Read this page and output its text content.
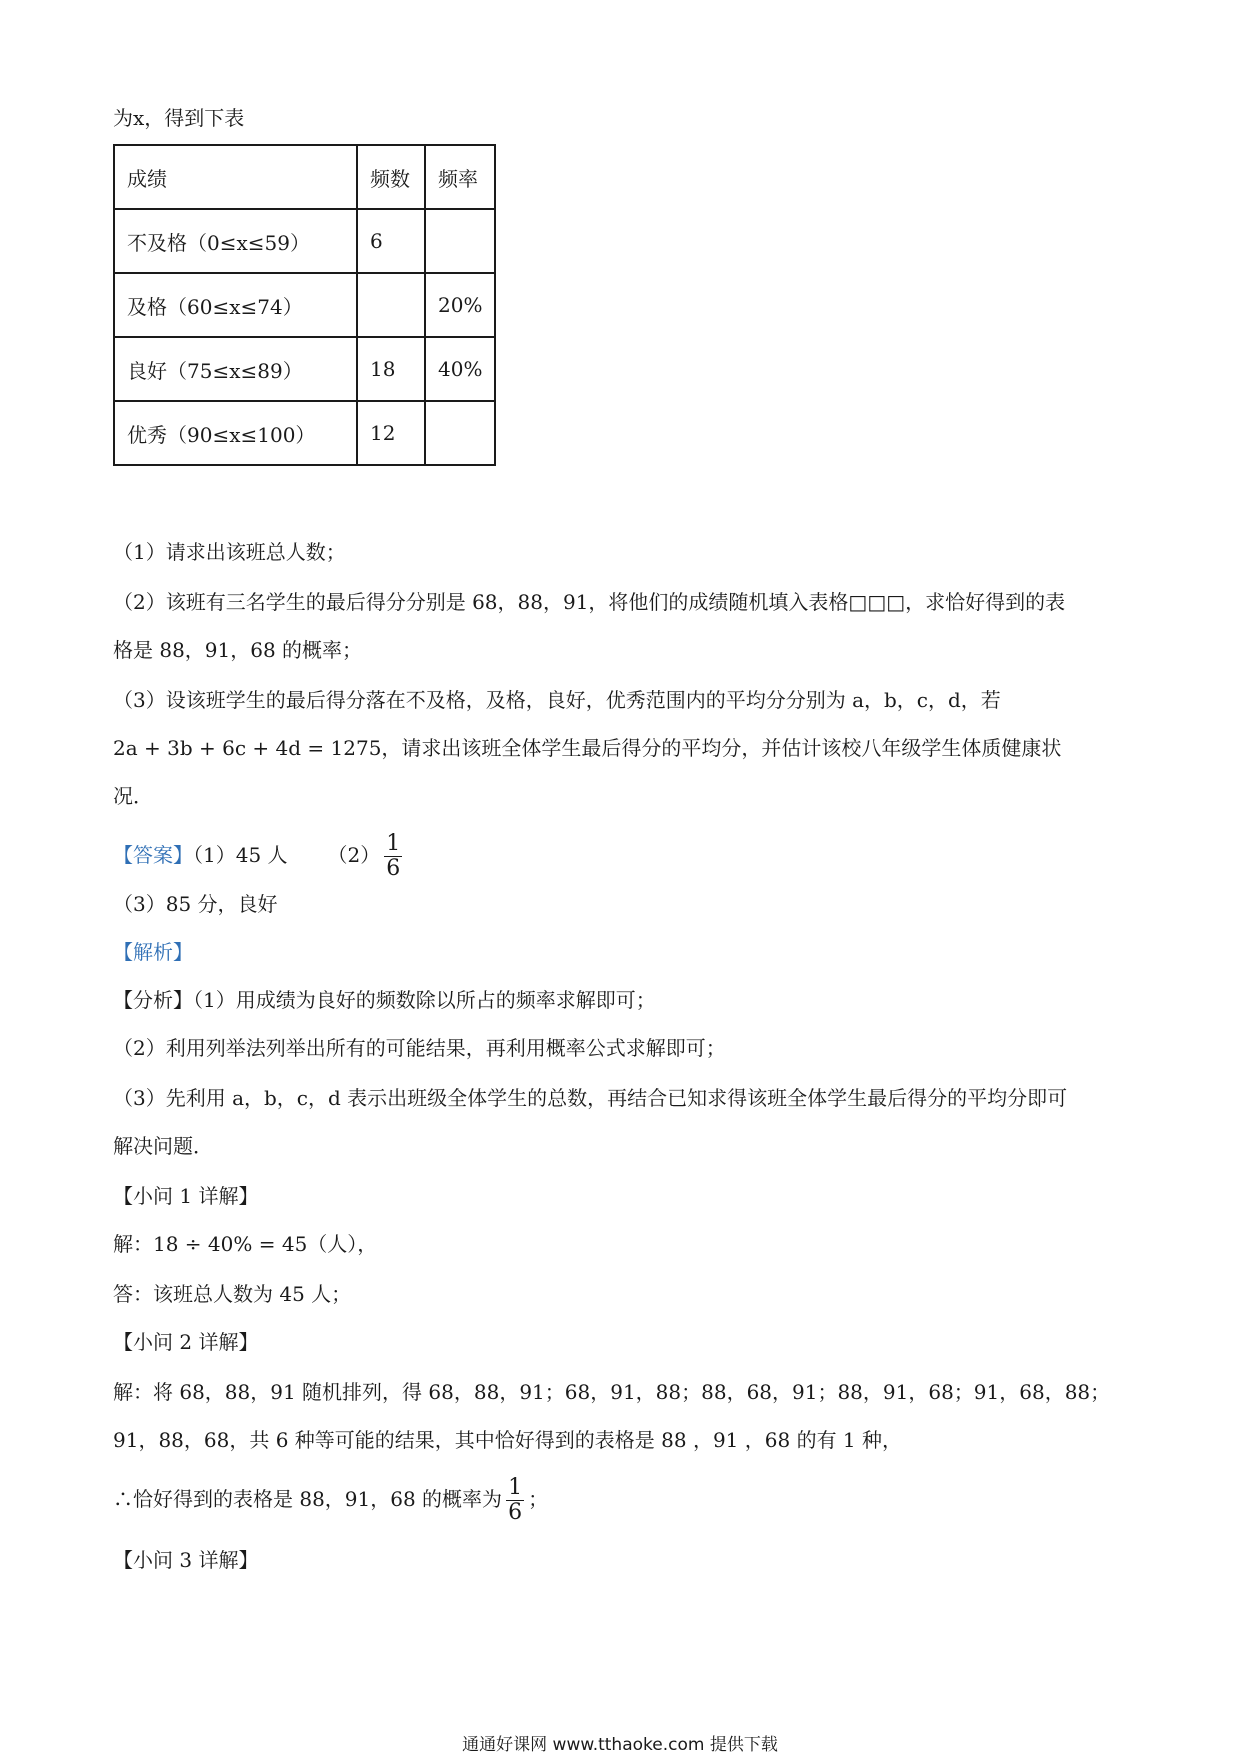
为x，得到下表
成绩	频数	频率
不及格（0≤x≤59）	6	
及格（60≤x≤74）		20%
良好（75≤x≤89）	18	40%
优秀（90≤x≤100）	12	
（1）请求出该班总人数；
（2）该班有三名学生的最后得分分别是 68，88，91，将他们的成绩随机填入表格□□□，求恰好得到的表
格是 88，91，68 的概率；
（3）设该班学生的最后得分落在不及格，及格，良好，优秀范围内的平均分分别为 a，b，c，d，若
2a + 3b + 6c + 4d = 1275，请求出该班全体学生最后得分的平均分，并估计该校八年级学生体质健康状
况．
【答案】（1）45 人 $(2) \frac{1}{6}$
（3）85 分，良好
【解析】
【分析】（1）用成绩为良好的频数除以所占的频率求解即可；
（2）利用列举法列举出所有的可能结果，再利用概率公式求解即可；
（3）先利用 a，b，c，d 表示出班级全体学生的总数，再结合已知求得该班全体学生最后得分的平均分即可
解决问题．
【小问 1 详解】
解：18 ÷ 40% = 45（人），
答：该班总人数为 45 人；
【小问 2 详解】
解：将 68，88，91 随机排列，得 68，88，91；68，91，88；88，68，91；88，91，68；91，68，88；
91，88，68，共 6 种等可能的结果，其中恰好得到的表格是 88 ，91 ，68 的有 1 种，
∴恰好得到的表格是 88，91，68 的概率为 $\frac{1}{6}$ ；
【小问 3 详解】
通通好课网 www.tthaoke.com 提供下载
